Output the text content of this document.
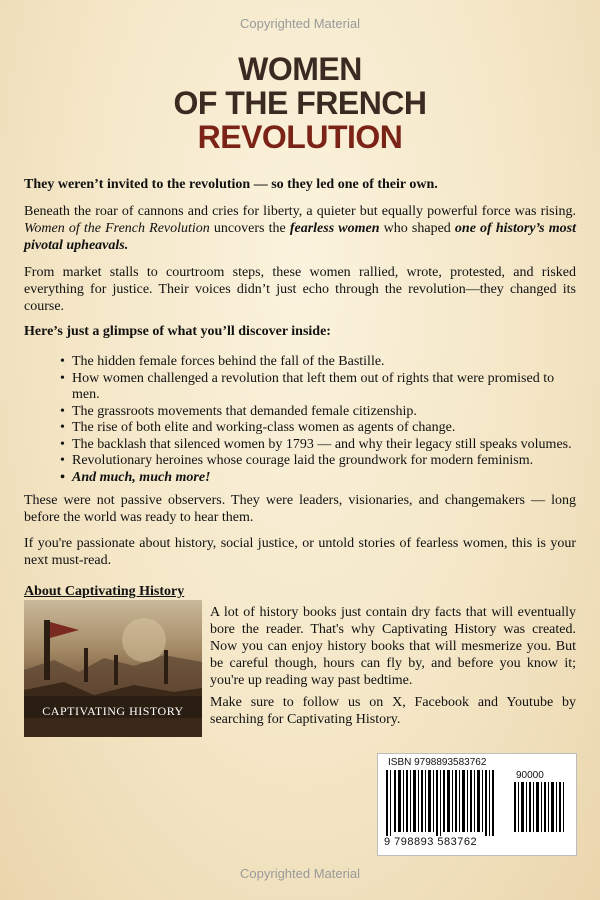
Copyrighted Material
WOMEN
OF THE FRENCH
REVOLUTION

They weren’t invited to the revolution — so they led one of their own.

Beneath the roar of cannons and cries for liberty, a quieter but equally powerful force was rising. Women of the French Revolution uncovers the fearless women who shaped one of history’s most pivotal upheavals.

From market stalls to courtroom steps, these women rallied, wrote, protested, and risked everything for justice. Their voices didn’t just echo through the revolution—they changed its course.

Here’s just a glimpse of what you’ll discover inside:

• The hidden female forces behind the fall of the Bastille.
• How women challenged a revolution that left them out of rights that were promised to men.
• The grassroots movements that demanded female citizenship.
• The rise of both elite and working-class women as agents of change.
• The backlash that silenced women by 1793 — and why their legacy still speaks volumes.
• Revolutionary heroines whose courage laid the groundwork for modern feminism.
• And much, much more!

These were not passive observers. They were leaders, visionaries, and changemakers — long before the world was ready to hear them.

If you're passionate about history, social justice, or untold stories of fearless women, this is your next must-read.

About Captivating History
CAPTIVATING HISTORY

A lot of history books just contain dry facts that will eventually bore the reader. That's why Captivating History was created. Now you can enjoy history books that will mesmerize you. But be careful though, hours can fly by, and before you know it; you're up reading way past bedtime.

Make sure to follow us on X, Facebook and Youtube by searching for Captivating History.

ISBN 9798893583762
90000
9 798893 583762
Copyrighted Material
